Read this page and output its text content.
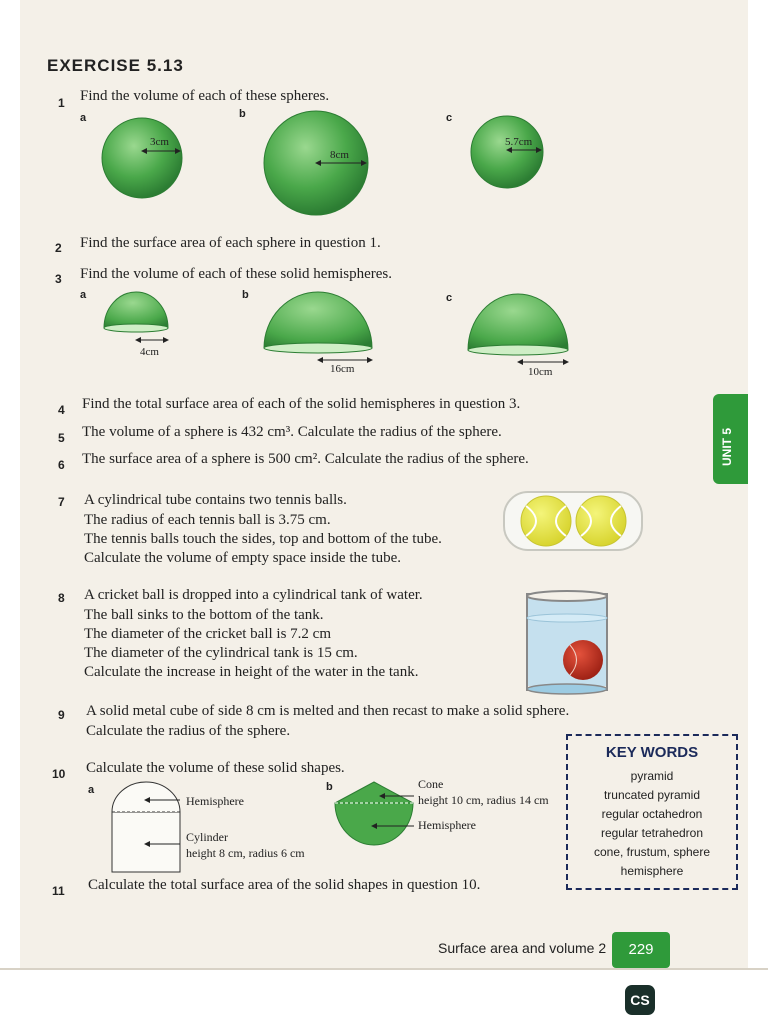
EXERCISE 5.13
1 Find the volume of each of these spheres.
a	b	c
3cm
8cm
5.7cm
2 Find the surface area of each sphere in question 1.
3 Find the volume of each of these solid hemispheres.
a	b	c
4cm
16cm	10cm
4 Find the total surface area of each of the solid hemispheres in question 3.
5 The volume of a sphere is 432 cm³. Calculate the radius of the sphere.
6 The surface area of a sphere is 500 cm². Calculate the radius of the sphere.
7 A cylindrical tube contains two tennis balls.
The radius of each tennis ball is 3.75 cm.
The tennis balls touch the sides, top and bottom of the tube.
Calculate the volume of empty space inside the tube.
8 A cricket ball is dropped into a cylindrical tank of water.
The ball sinks to the bottom of the tank.
The diameter of the cricket ball is 7.2 cm
The diameter of the cylindrical tank is 15 cm.
Calculate the increase in height of the water in the tank.
9 A solid metal cube of side 8 cm is melted and then recast to make a solid sphere.
Calculate the radius of the sphere.
10 Calculate the volume of these solid shapes.
a
Hemisphere
Cylinder
height 8 cm, radius 6 cm
b	Cone
height 10 cm, radius 14 cm
Hemisphere
11 Calculate the total surface area of the solid shapes in question 10.
UNIT 5
KEY WORDS
pyramid
truncated pyramid
regular octahedron
regular tetrahedron
cone, frustum, sphere
hemisphere
Surface area and volume 2	229
CS
